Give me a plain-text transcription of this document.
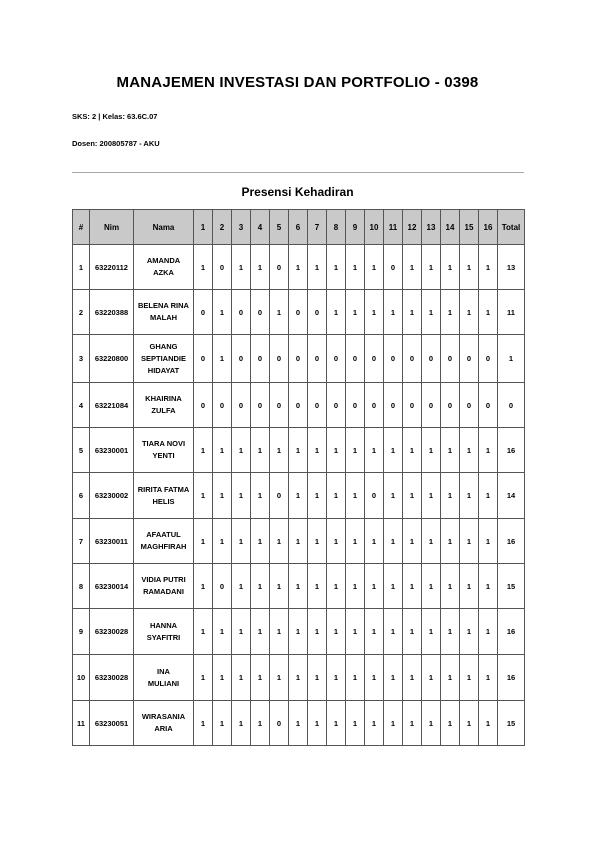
MANAJEMEN INVESTASI DAN PORTFOLIO - 0398
SKS: 2 | Kelas: 63.6C.07
Dosen: 200805787 - AKU
Presensi Kehadiran
#	Nim	Nama	1	2	3	4	5	6	7	8	9	10	11	12	13	14	15	16	Total
1	63220112	AMANDA
AZKA	1	0	1	1	0	1	1	1	1	1	0	1	1	1	1	1	13
2	63220388	BELENA RINA
MALAH	0	1	0	0	1	0	0	1	1	1	1	1	1	1	1	1	11
3	63220800	GHANG
SEPTIANDIE
HIDAYAT	0	1	0	0	0	0	0	0	0	0	0	0	0	0	0	0	1
4	63221084	KHAIRINA
ZULFA	0	0	0	0	0	0	0	0	0	0	0	0	0	0	0	0	0
5	63230001	TIARA NOVI
YENTI	1	1	1	1	1	1	1	1	1	1	1	1	1	1	1	1	16
6	63230002	RIRITA FATMA
HELIS	1	1	1	1	0	1	1	1	1	0	1	1	1	1	1	1	14
7	63230011	AFAATUL
MAGHFIRAH	1	1	1	1	1	1	1	1	1	1	1	1	1	1	1	1	16
8	63230014	VIDIA PUTRI
RAMADANI	1	0	1	1	1	1	1	1	1	1	1	1	1	1	1	1	15
9	63230028	HANNA
SYAFITRI	1	1	1	1	1	1	1	1	1	1	1	1	1	1	1	1	16
10	63230028	INA
MULIANI	1	1	1	1	1	1	1	1	1	1	1	1	1	1	1	1	16
11	63230051	WIRASANIA
ARIA	1	1	1	1	0	1	1	1	1	1	1	1	1	1	1	1	15
